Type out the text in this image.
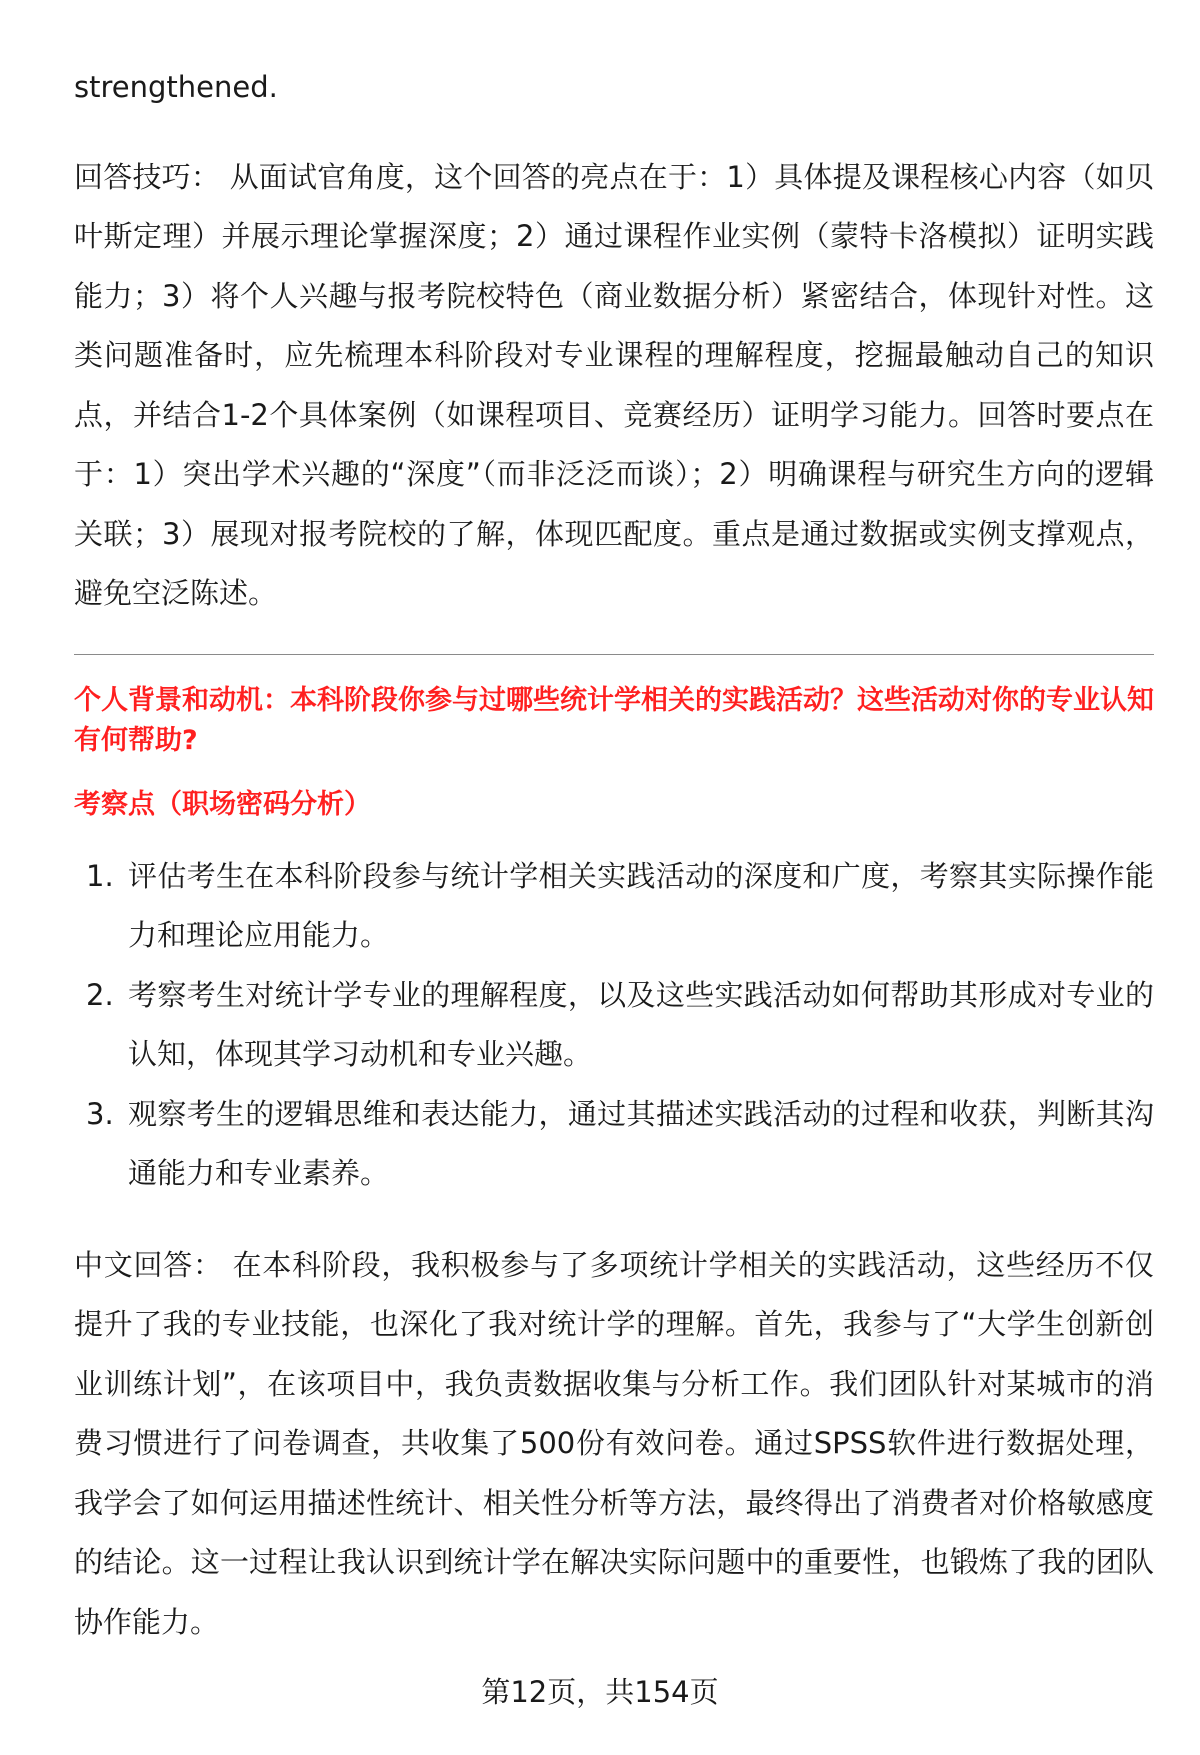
strengthened.

回答技巧： 从面试官角度，这个回答的亮点在于：1）具体提及课程核心内容（如贝叶斯定理）并展示理论掌握深度；2）通过课程作业实例（蒙特卡洛模拟）证明实践能力；3）将个人兴趣与报考院校特色（商业数据分析）紧密结合，体现针对性。这类问题准备时，应先梳理本科阶段对专业课程的理解程度，挖掘最触动自己的知识点，并结合1-2个具体案例（如课程项目、竞赛经历）证明学习能力。回答时要点在于：1）突出学术兴趣的“深度”（而非泛泛而谈）；2）明确课程与研究生方向的逻辑关联；3）展现对报考院校的了解，体现匹配度。重点是通过数据或实例支撑观点，避免空泛陈述。

个人背景和动机：本科阶段你参与过哪些统计学相关的实践活动？这些活动对你的专业认知有何帮助?

考察点（职场密码分析）

1. 评估考生在本科阶段参与统计学相关实践活动的深度和广度，考察其实际操作能力和理论应用能力。
2. 考察考生对统计学专业的理解程度，以及这些实践活动如何帮助其形成对专业的认知，体现其学习动机和专业兴趣。
3. 观察考生的逻辑思维和表达能力，通过其描述实践活动的过程和收获，判断其沟通能力和专业素养。

中文回答： 在本科阶段，我积极参与了多项统计学相关的实践活动，这些经历不仅提升了我的专业技能，也深化了我对统计学的理解。首先，我参与了“大学生创新创业训练计划”，在该项目中，我负责数据收集与分析工作。我们团队针对某城市的消费习惯进行了问卷调查，共收集了500份有效问卷。通过SPSS软件进行数据处理，我学会了如何运用描述性统计、相关性分析等方法，最终得出了消费者对价格敏感度的结论。这一过程让我认识到统计学在解决实际问题中的重要性，也锻炼了我的团队协作能力。

第12页，共154页
